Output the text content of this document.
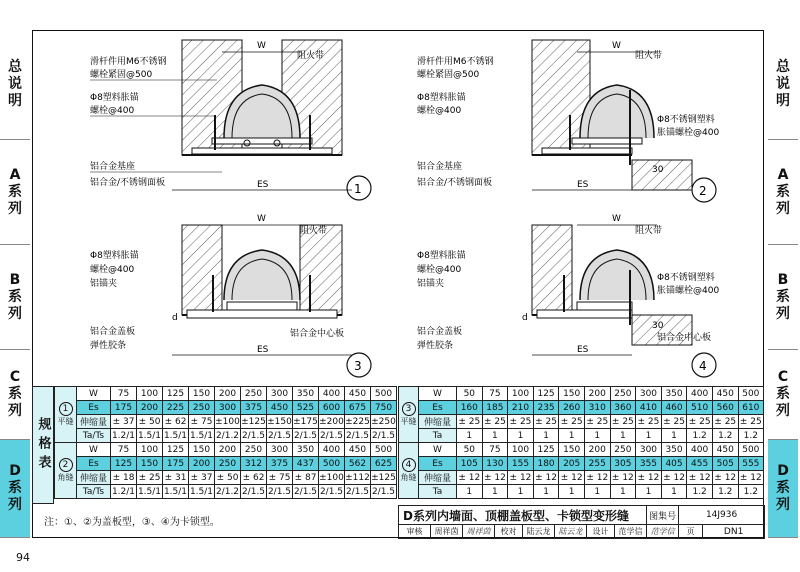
总说明
A系列
B系列
C系列
D系列
总说明
A系列
B系列
C系列
D系列
W
ES
阻火带
滑杆件用M6不锈钢
螺栓紧固@500
Φ8塑料胀锚
螺栓@400
铝合金基座
铝合金/不锈钢面板	1
W
ES
阻火带
30
滑杆件用M6不锈钢
螺栓紧固@500
Φ8塑料胀锚
螺栓@400
铝合金基座
铝合金/不锈钢面板
Φ8不锈钢塑料
胀锚螺栓@400
2
W
ES
阻火带
d
Φ8塑料胀锚
螺栓@400
铝锚夹
铝合金盖板
弹性胶条
铝合金中心板
3
W
ES
阻火带
d
30
Φ8塑料胀锚
螺栓@400
铝锚夹
铝合金盖板
弹性胶条
Φ8不锈钢塑料
胀锚螺栓@400
铝合金中心板
4
规格表
1
平缝	W	75	100	125	150	200	250	300	350	400	450	500
	Es	175	200	225	250	300	375	450	525	600	675	750
	伸缩量	± 37	± 50	± 62	± 75	±100	±125	±150	±175	±200	±225	±250
	Ta/Ts	1.2/1	1.5/1	1.5/1	1.5/1	2/1.2	2/1.5	2/1.5	2/1.5	2/1.5	2/1.5	2/1.5
2
角缝	W	75	100	125	150	200	250	300	350	400	450	500
	Es	125	150	175	200	250	312	375	437	500	562	625
	伸缩量	± 18	± 25	± 31	± 37	± 50	± 62	± 75	± 87	±100	±112	±125
	Ta/Ts	1.2/1	1.5/1	1.5/1	1.5/1	2/1.2	2/1.5	2/1.5	2/1.5	2/1.5	2/1.5	2/1.5
3
平缝	W	50	75	100	125	150	200	250	300	350	400	450	500
	Es	160	185	210	235	260	310	360	410	460	510	560	610
	伸缩量	± 25	± 25	± 25	± 25	± 25	± 25	± 25	± 25	± 25	± 25	± 25	± 25
	Ta	1	1	1	1	1	1	1	1	1	1.2	1.2	1.2
4
角缝	W	50	75	100	125	150	200	250	300	350	400	450	500
	Es	105	130	155	180	205	255	305	355	405	455	505	555
	伸缩量	± 12	± 12	± 12	± 12	± 12	± 12	± 12	± 12	± 12	± 12	± 12	± 12
	Ta	1	1	1	1	1	1	1	1	1	1.2	1.2	1.2
注：①、②为盖板型，③、④为卡锁型。	D系列内墙面、顶棚盖板型、卡锁型变形缝								图集号	14J936	
审核	周祥茵	周祥茵	校对	陆云龙	陆云龙	设计	范学信	范学信	页	DN1
94
